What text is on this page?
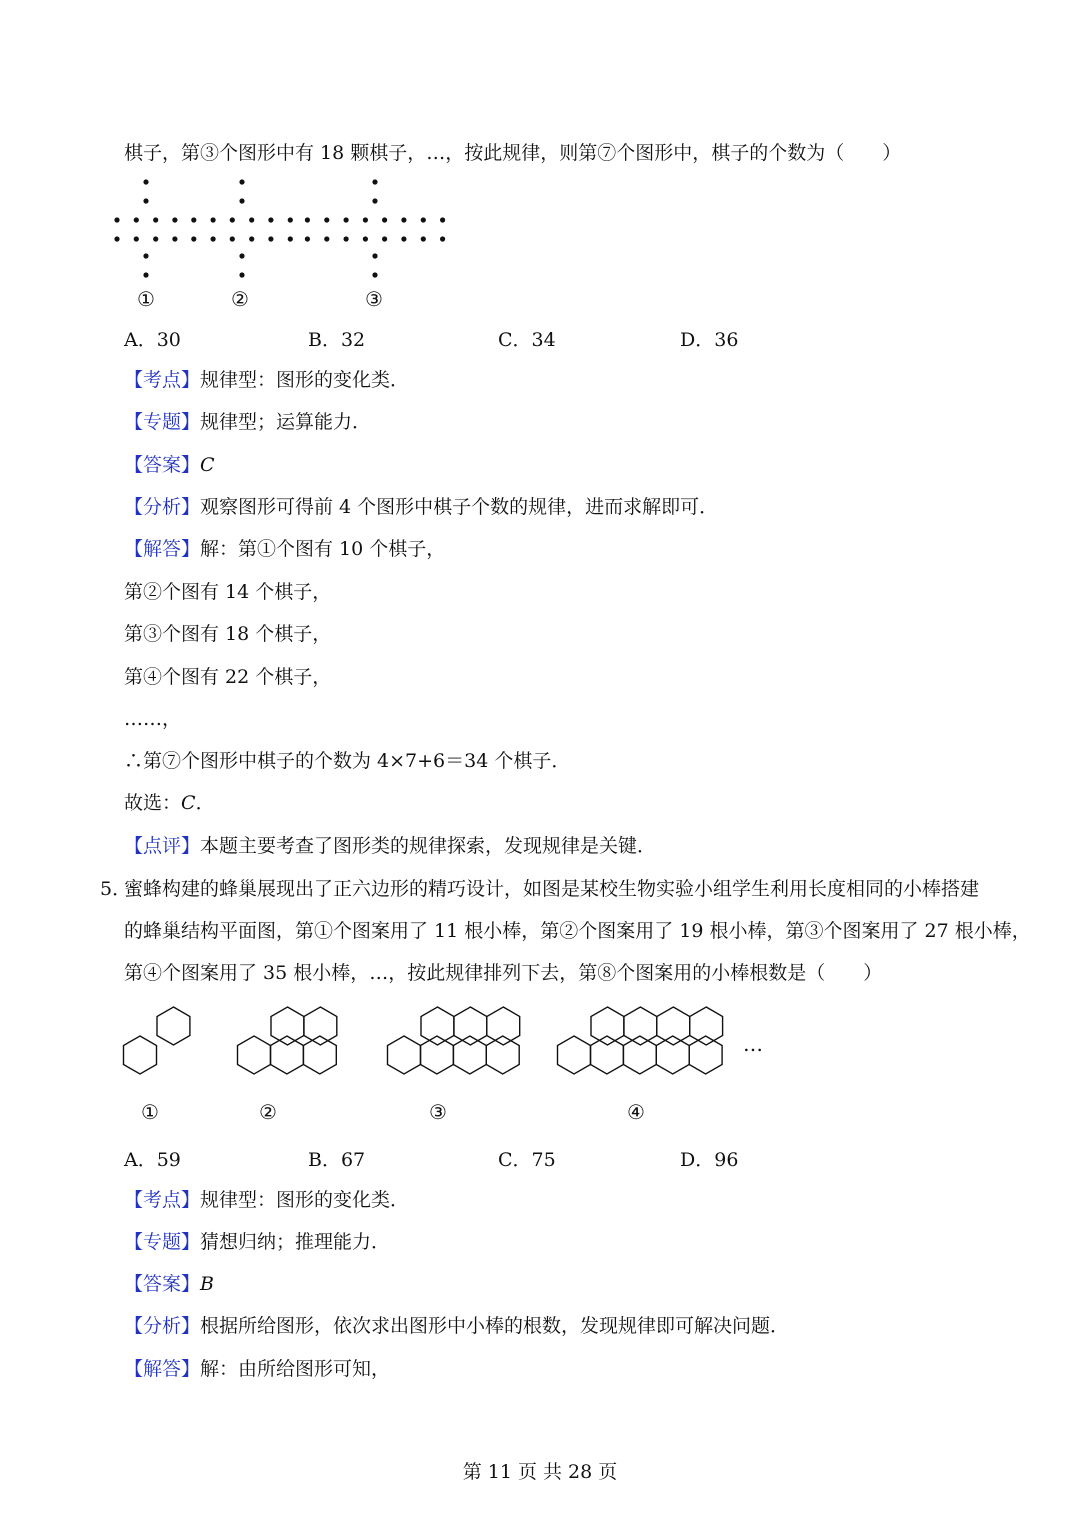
棋子，第③个图形中有 18 颗棋子，…，按此规律，则第⑦个图形中，棋子的个数为（　　）
①	②	③
A．30	B．32	C．34	D．36
【考点】规律型：图形的变化类．
【专题】规律型；运算能力．
【答案】C
【分析】观察图形可得前 4 个图形中棋子个数的规律，进而求解即可．
【解答】解：第①个图有 10 个棋子，
第②个图有 14 个棋子，
第③个图有 18 个棋子，
第④个图有 22 个棋子，
……，
∴第⑦个图形中棋子的个数为 4×7+6＝34 个棋子．
故选：C．
【点评】本题主要考查了图形类的规律探索，发现规律是关键．
5．
蜜蜂构建的蜂巢展现出了正六边形的精巧设计，如图是某校生物实验小组学生利用长度相同的小棒搭建
的蜂巢结构平面图，第①个图案用了 11 根小棒，第②个图案用了 19 根小棒，第③个图案用了 27 根小棒，
第④个图案用了 35 根小棒，…，按此规律排列下去，第⑧个图案用的小棒根数是（　　）
…
①	②	③	④
A．59	B．67	C．75	D．96
【考点】规律型：图形的变化类．
【专题】猜想归纳；推理能力．
【答案】B
【分析】根据所给图形，依次求出图形中小棒的根数，发现规律即可解决问题．
【解答】解：由所给图形可知，
第 11 页 共 28 页
